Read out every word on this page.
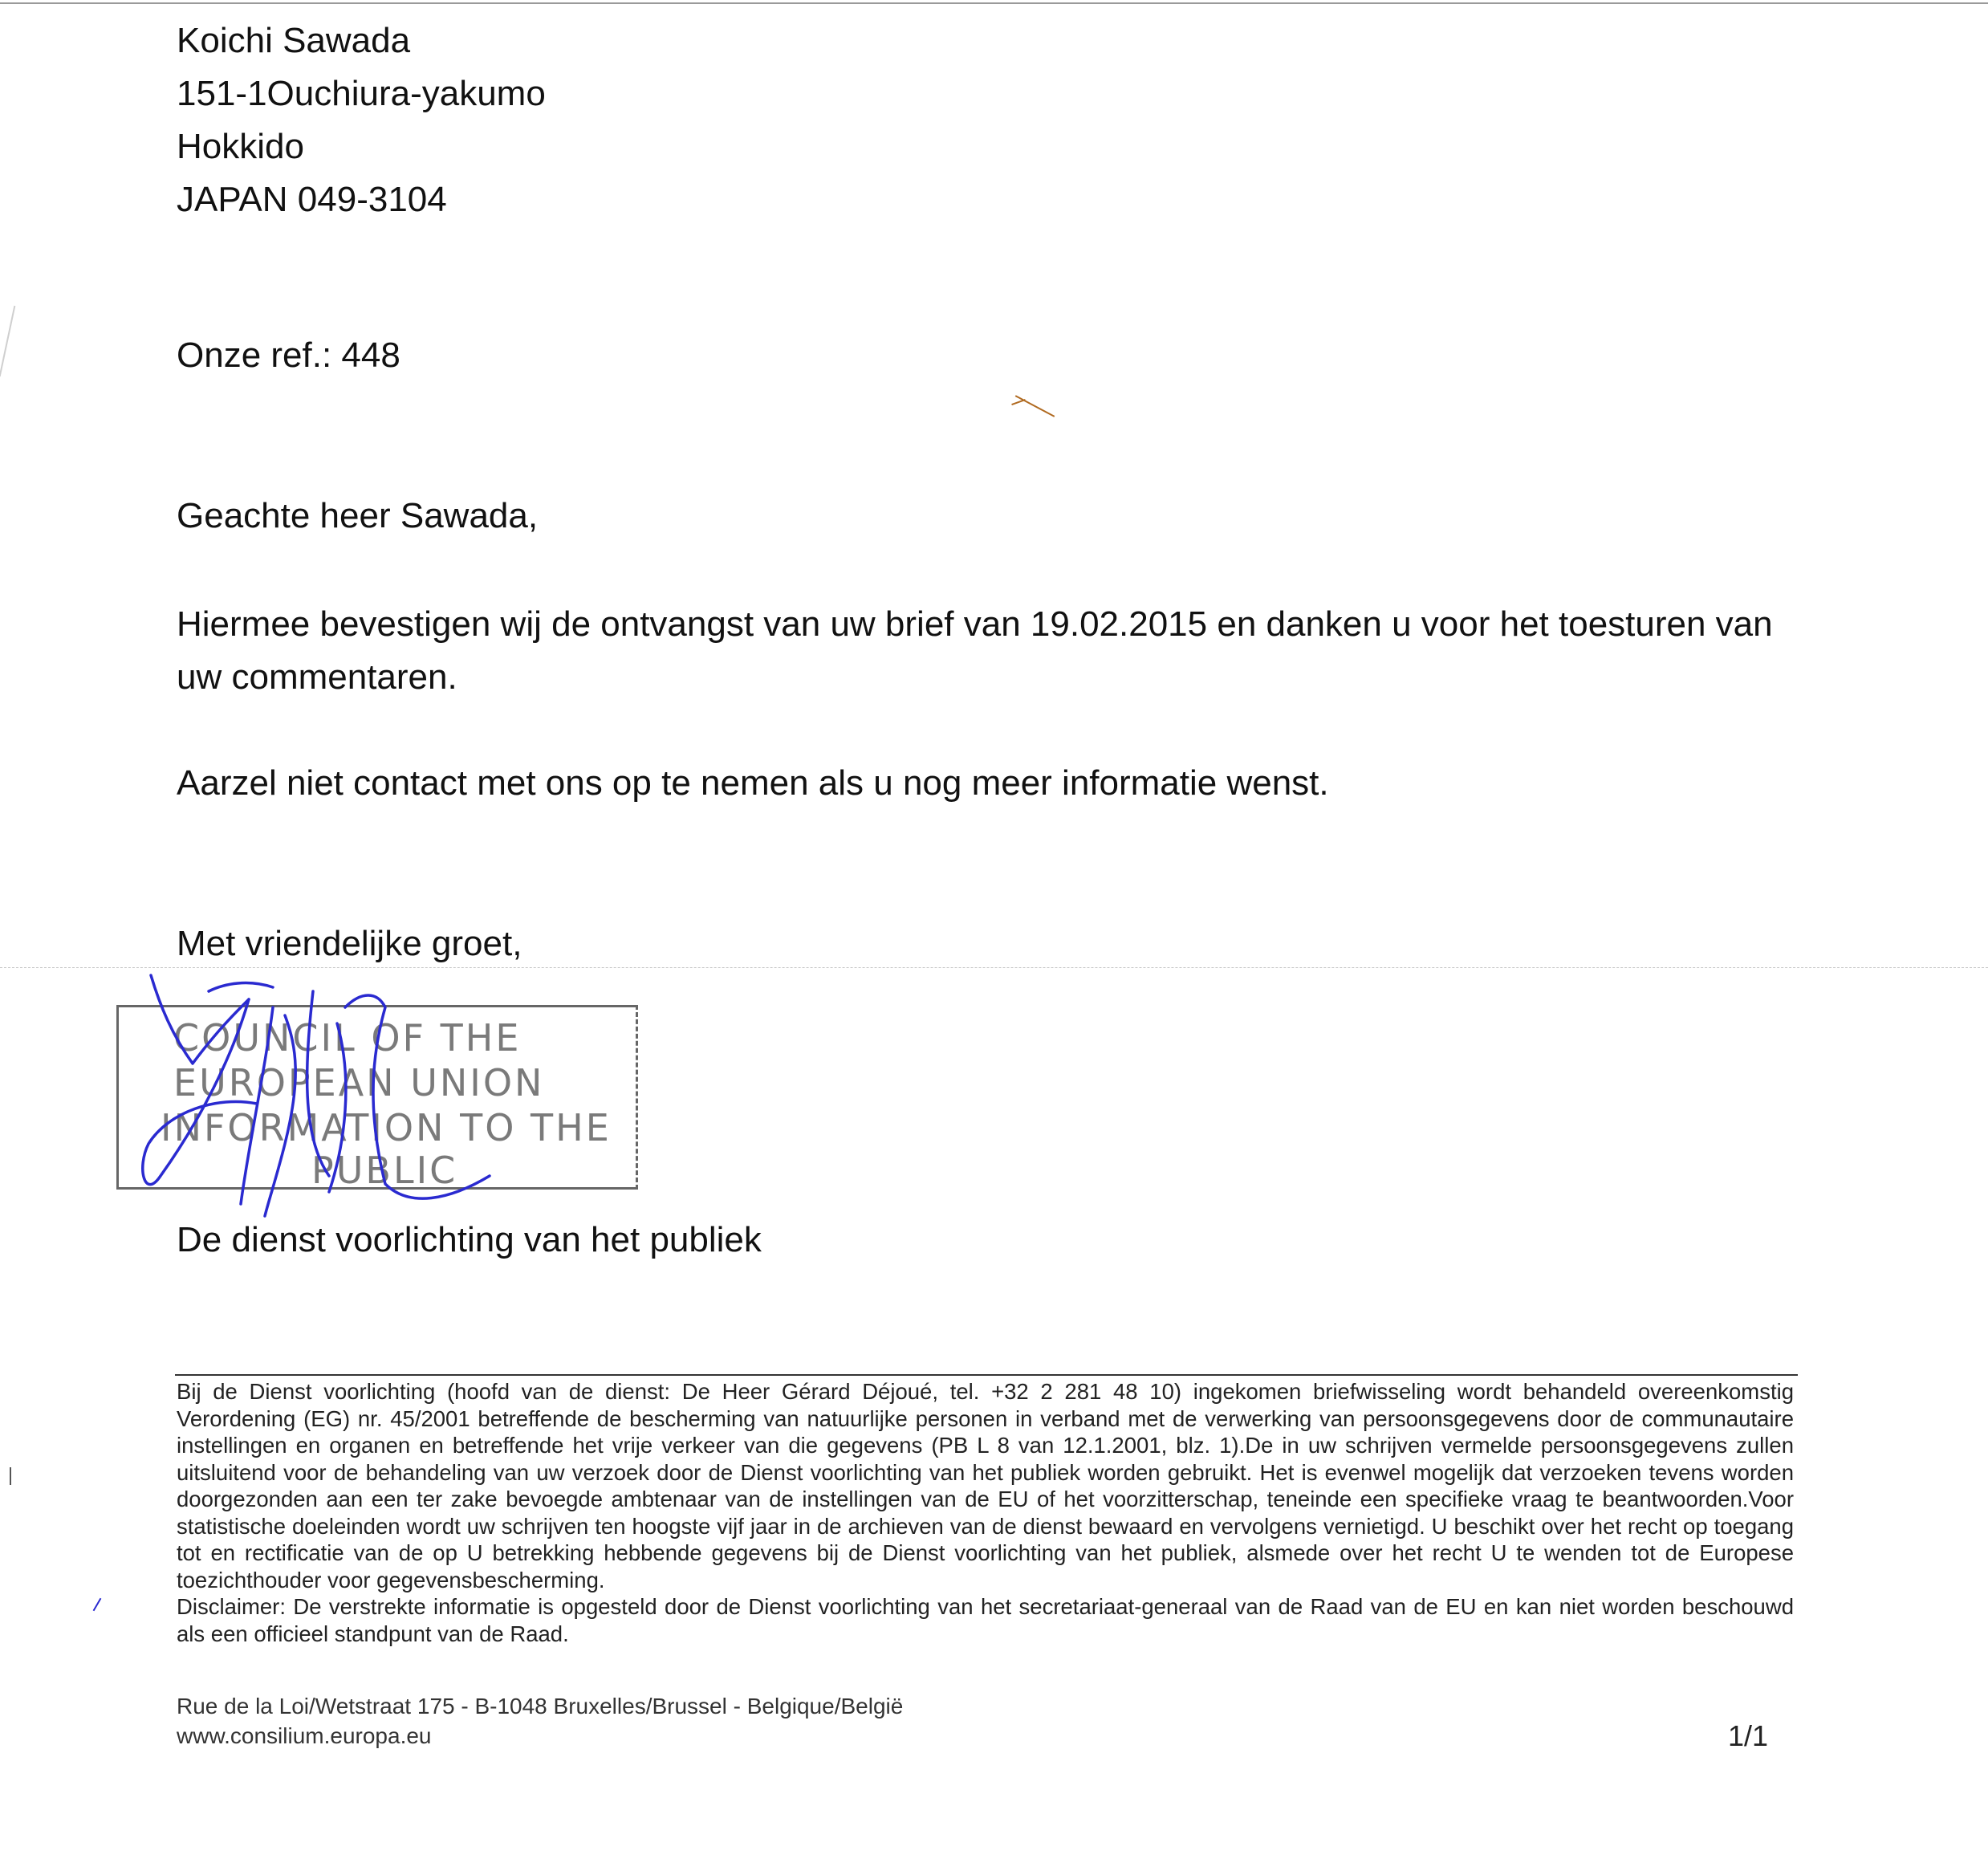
Koichi Sawada
151-1Ouchiura-yakumo
Hokkido
JAPAN 049-3104
Onze ref.: 448
Geachte heer Sawada,
Hiermee bevestigen wij de ontvangst van uw brief van 19.02.2015 en danken u voor het toesturen van uw commentaren.
Aarzel niet contact met ons op te nemen als u nog meer informatie wenst.
Met vriendelijke groet,
COUNCIL OF THE
EUROPEAN UNION
INFORMATION TO THE
PUBLIC
De dienst voorlichting van het publiek

Bij de Dienst voorlichting (hoofd van de dienst: De Heer Gérard Déjoué, tel. +32 2 281 48 10) ingekomen briefwisseling wordt behandeld overeenkomstig Verordening (EG) nr. 45/2001 betreffende de bescherming van natuurlijke personen in verband met de verwerking van persoonsgegevens door de communautaire instellingen en organen en betreffende het vrije verkeer van die gegevens (PB L 8 van 12.1.2001, blz. 1).De in uw schrijven vermelde persoonsgegevens zullen uitsluitend voor de behandeling van uw verzoek door de Dienst voorlichting van het publiek worden gebruikt. Het is evenwel mogelijk dat verzoeken tevens worden doorgezonden aan een ter zake bevoegde ambtenaar van de instellingen van de EU of het voorzitterschap, teneinde een specifieke vraag te beantwoorden.Voor statistische doeleinden wordt uw schrijven ten hoogste vijf jaar in de archieven van de dienst bewaard en vervolgens vernietigd. U beschikt over het recht op toegang tot en rectificatie van de op U betrekking hebbende gegevens bij de Dienst voorlichting van het publiek, alsmede over het recht U te wenden tot de Europese toezichthouder voor gegevensbescherming.

Disclaimer: De verstrekte informatie is opgesteld door de Dienst voorlichting van het secretariaat-generaal van de Raad van de EU en kan niet worden beschouwd als een officieel standpunt van de Raad.

Rue de la Loi/Wetstraat 175 - B-1048 Bruxelles/Brussel - Belgique/België
www.consilium.europa.eu	1/1
